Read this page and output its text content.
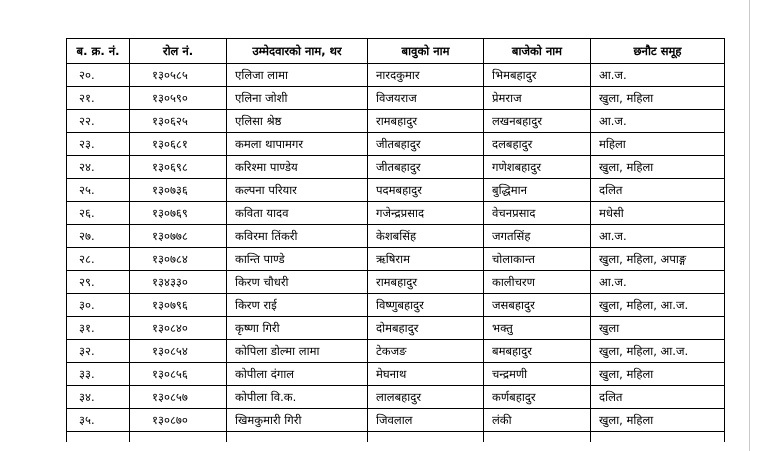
ब. क्र. नं.	रोल नं.	उम्मेदवारको नाम, थर	बावुको नाम	बाजेको नाम	छनौट समूह
२०.	१३०५८५	एलिजा लामा	नारदकुमार	भिमबहादुर	आ.ज.
२१.	१३०५९०	एलिना जोशी	विजयराज	प्रेमराज	खुला, महिला
२२.	१३०६२५	एलिसा श्रेष्ठ	रामबहादुर	लखनबहादुर	आ.ज.
२३.	१३०६८१	कमला थापामगर	जीतबहादुर	दलबहादुर	महिला
२४.	१३०६९८	करिश्मा पाण्डेय	जीतबहादुर	गणेशबहादुर	खुला, महिला
२५.	१३०७३६	कल्पना परियार	पदमबहादुर	बुद्धिमान	दलित
२६.	१३०७६९	कविता यादव	गजेन्द्रप्रसाद	वेचनप्रसाद	मधेसी
२७.	१३०७७८	कविरमा तिंकरी	केशबसिंह	जगतसिंह	आ.ज.
२८.	१३०७८४	कान्ति पाण्डे	ऋषिराम	चोलाकान्त	खुला, महिला, अपाङ्ग
२९.	१३४३३०	किरण चौधरी	रामबहादुर	कालीचरण	आ.ज.
३०.	१३०७९६	किरण राई	विष्णुबहादुर	जसबहादुर	खुला, महिला, आ.ज.
३१.	१३०८४०	कृष्णा गिरी	दोमबहादुर	भक्तु	खुला
३२.	१३०८५४	कोपिला डोल्मा लामा	टेकजङ	बमबहादुर	खुला, महिला, आ.ज.
३३.	१३०८५६	कोपीला दंगाल	मेघनाथ	चन्द्रमणी	खुला, महिला
३४.	१३०८५७	कोपीला वि.क.	लालबहादुर	कर्णबहादुर	दलित
३५.	१३०८७०	खिमकुमारी गिरी	जिवलाल	लंकी	खुला, महिला
